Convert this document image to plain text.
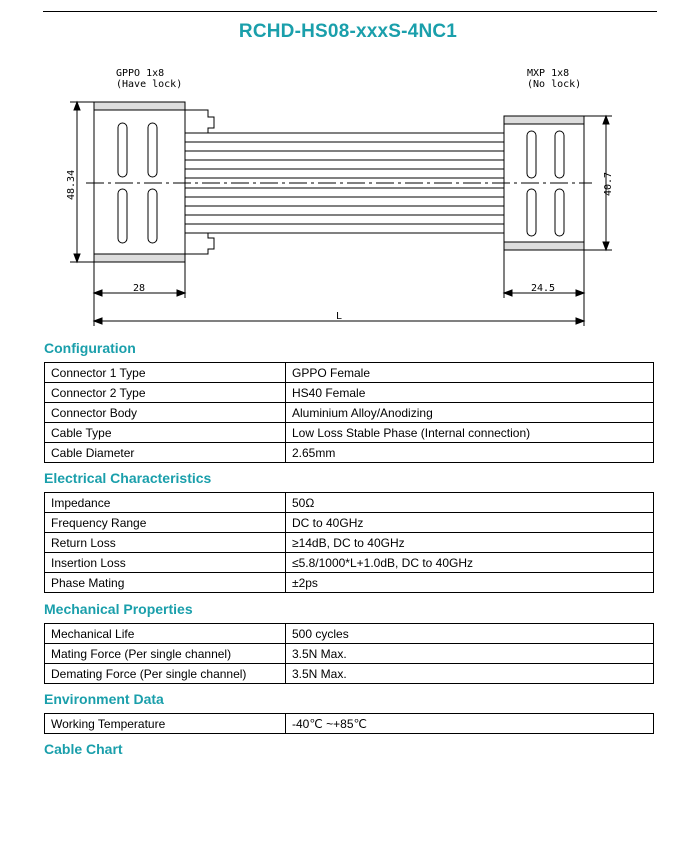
RCHD-HS08-xxxS-4NC1
GPPO 1x8
(Have lock)
MXP 1x8
(No lock)
48.34	40.7
28	24.5
L
Configuration
Connector 1 Type	GPPO Female
Connector 2 Type	HS40 Female
Connector Body	Aluminium Alloy/Anodizing
Cable Type	Low Loss Stable Phase (Internal connection)
Cable Diameter	2.65mm
Electrical Characteristics
Impedance	50Ω
Frequency Range	DC to 40GHz
Return Loss	≥14dB, DC to 40GHz
Insertion Loss	≤5.8/1000*L+1.0dB, DC to 40GHz
Phase Mating	±2ps
Mechanical Properties
Mechanical Life	500 cycles
Mating Force (Per single channel)	3.5N Max.
Demating Force (Per single channel)	3.5N Max.
Environment Data
Working Temperature	-40℃ ~+85℃
Cable Chart
